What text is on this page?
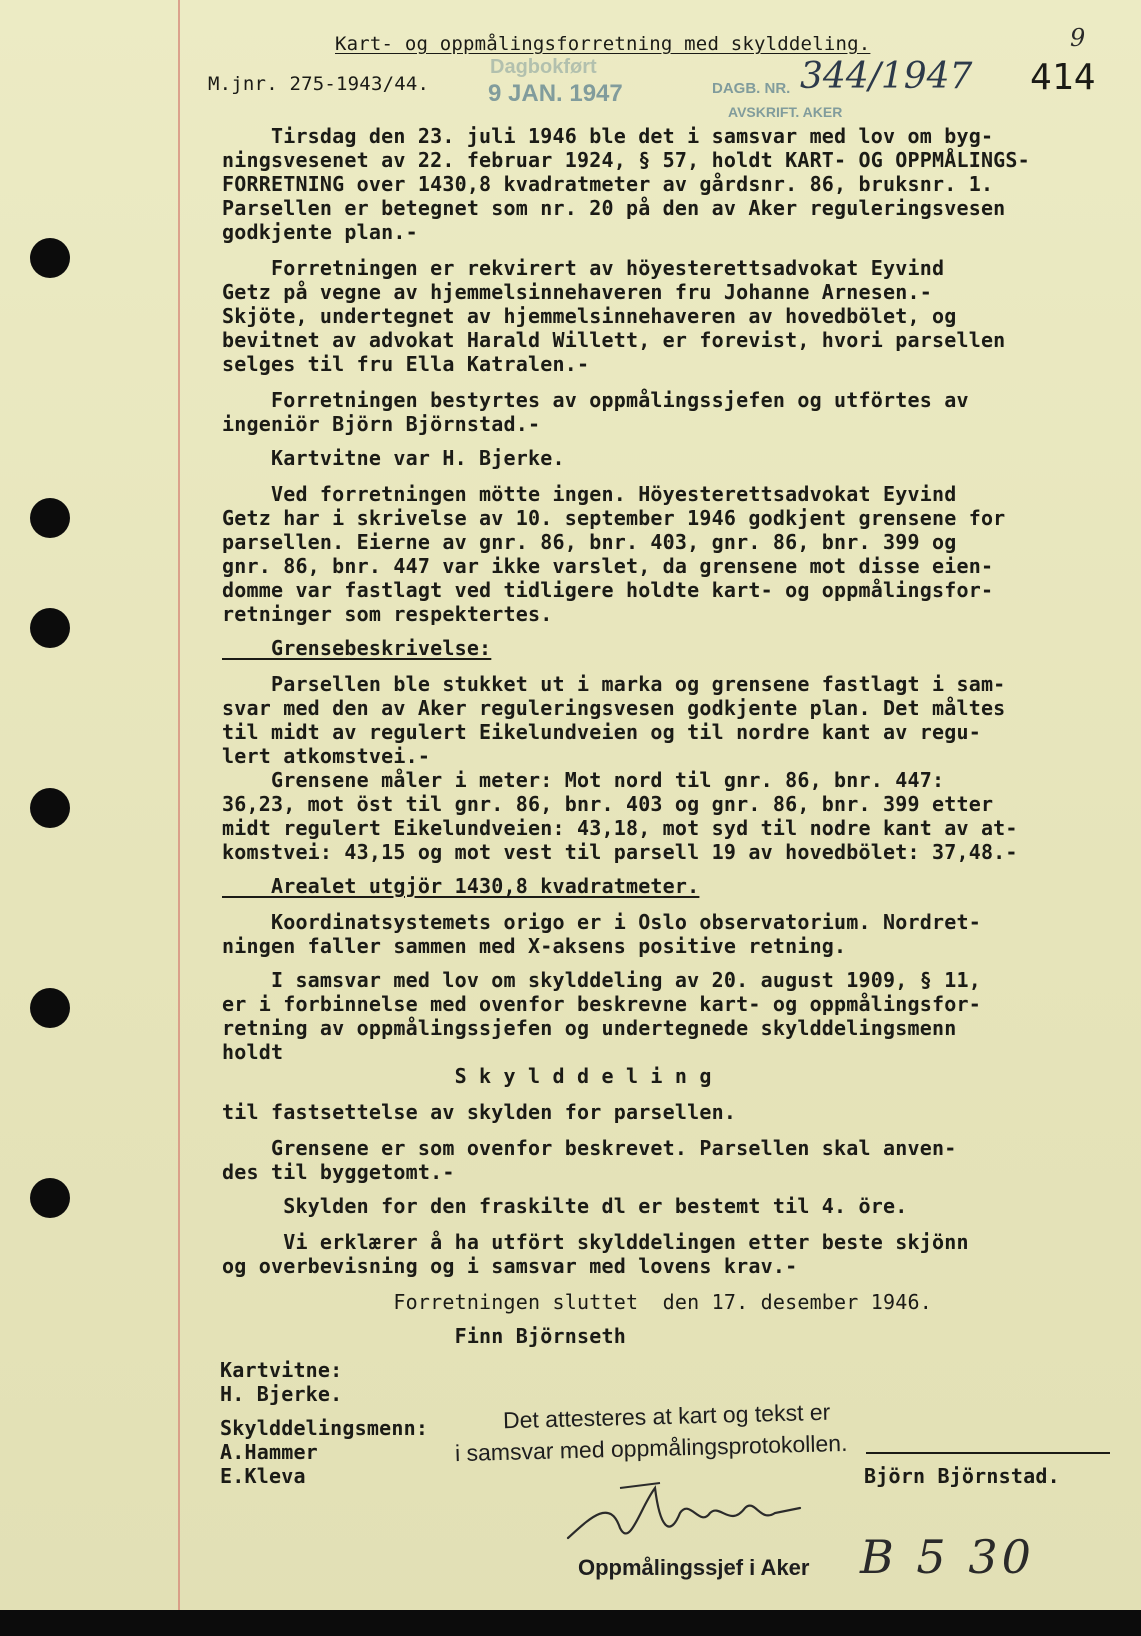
Kart- og oppmålingsforretning med skylddeling.
M.jnr. 275-1943/44.
Dagbokført
9 JAN. 1947	DAGB. NR. 344/1947
AVSKRIFT. AKER
414
9
Tirsdag den 23. juli 1946 ble det i samsvar med lov om byg-
ningsvesenet av 22. februar 1924, § 57, holdt KART- OG OPPMÅLINGS-
FORRETNING over 1430,8 kvadratmeter av gårdsnr. 86, bruksnr. 1.
Parsellen er betegnet som nr. 20 på den av Aker reguleringsvesen
godkjente plan.-
Forretningen er rekvirert av höyesterettsadvokat Eyvind
Getz på vegne av hjemmelsinnehaveren fru Johanne Arnesen.-
Skjöte, undertegnet av hjemmelsinnehaveren av hovedbölet, og
bevitnet av advokat Harald Willett, er forevist, hvori parsellen
selges til fru Ella Katralen.-
Forretningen bestyrtes av oppmålingssjefen og utförtes av
ingeniör Björn Björnstad.-
Kartvitne var H. Bjerke.
Ved forretningen mötte ingen. Höyesterettsadvokat Eyvind
Getz har i skrivelse av 10. september 1946 godkjent grensene for
parsellen. Eierne av gnr. 86, bnr. 403, gnr. 86, bnr. 399 og
gnr. 86, bnr. 447 var ikke varslet, da grensene mot disse eien-
domme var fastlagt ved tidligere holdte kart- og oppmålingsfor-
retninger som respektertes.
Grensebeskrivelse:
Parsellen ble stukket ut i marka og grensene fastlagt i sam-
svar med den av Aker reguleringsvesen godkjente plan. Det måltes
til midt av regulert Eikelundveien og til nordre kant av regu-
lert atkomstvei.-
Grensene måler i meter: Mot nord til gnr. 86, bnr. 447:
36,23, mot öst til gnr. 86, bnr. 403 og gnr. 86, bnr. 399 etter
midt regulert Eikelundveien: 43,18, mot syd til nodre kant av at-
komstvei: 43,15 og mot vest til parsell 19 av hovedbölet: 37,48.-
Arealet utgjör 1430,8 kvadratmeter.
Koordinatsystemets origo er i Oslo observatorium. Nordret-
ningen faller sammen med X-aksens positive retning.
I samsvar med lov om skylddeling av 20. august 1909, § 11,
er i forbinnelse med ovenfor beskrevne kart- og oppmålingsfor-
retning av oppmålingssjefen og undertegnede skylddelingsmenn
holdt
S k y l d d e l i n g
til fastsettelse av skylden for parsellen.
Grensene er som ovenfor beskrevet. Parsellen skal anven-
des til byggetomt.-
Skylden for den fraskilte dl er bestemt til 4. öre.
Vi erklærer å ha utfört skylddelingen etter beste skjönn
og overbevisning og i samsvar med lovens krav.-
Forretningen sluttet  den 17. desember 1946.
Finn Björnseth
Kartvitne:
H. Bjerke.
Skylddelingsmenn:
A.Hammer
E.Kleva	Björn Björnstad.
Det attesteres at kart og tekst er
i samsvar med oppmålingsprotokollen.
Oppmålingssjef i Aker B 5 30
